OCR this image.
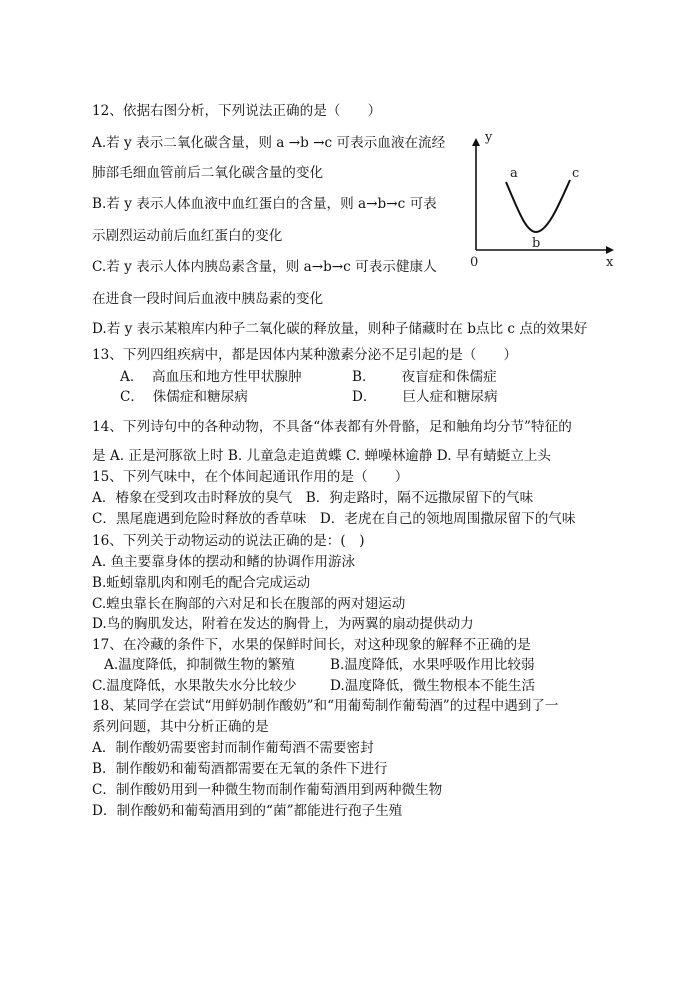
12、依据右图分析，下列说法正确的是（　　）
A.若 y 表示二氧化碳含量，则 a →b →c 可表示血液在流经
肺部毛细血管前后二氧化碳含量的变化
B.若 y 表示人体血液中血红蛋白的含量，则 a→b→c 可表
示剧烈运动前后血红蛋白的变化
C.若 y 表示人体内胰岛素含量，则 a→b→c 可表示健康人
在进食一段时间后血液中胰岛素的变化
D.若 y 表示某粮库内种子二氧化碳的释放量，则种子储藏时在 b点比 c 点的效果好
y
x
0
a
b
c
13、下列四组疾病中，都是因体内某种激素分泌不足引起的是（　　）
A．  高血压和地方性甲状腺肿	B．      夜盲症和侏儒症
C．  侏儒症和糖尿病	D．      巨人症和糖尿病
14、下列诗句中的各种动物，不具备“体表都有外骨骼，足和触角均分节”特征的
是 A. 正是河豚欲上时 B. 儿童急走追黄蝶 C. 蝉噪林逾静 D. 早有蜻蜓立上头
15、下列气味中，在个体间起通讯作用的是（　　）
A．椿象在受到攻击时释放的臭气　B．狗走路时，隔不远撒尿留下的气味
C．黑尾鹿遇到危险时释放的香草味　D．老虎在自己的领地周围撒尿留下的气味
16、下列关于动物运动的说法正确的是：(　)
A. 鱼主要靠身体的摆动和鳍的协调作用游泳
B.蚯蚓靠肌肉和刚毛的配合完成运动
C.蝗虫靠长在胸部的六对足和长在腹部的两对翅运动
D.鸟的胸肌发达，附着在发达的胸骨上，为两翼的扇动提供动力
17、在冷藏的条件下，水果的保鲜时间长，对这种现象的解释不正确的是
A.温度降低，抑制微生物的繁殖	B.温度降低，水果呼吸作用比较弱
C.温度降低，水果散失水分比较少 D.温度降低，微生物根本不能生活
18、某同学在尝试“用鲜奶制作酸奶”和“用葡萄制作葡萄酒”的过程中遇到了一
系列问题，其中分析正确的是
A．制作酸奶需要密封而制作葡萄酒不需要密封
B．制作酸奶和葡萄酒都需要在无氧的条件下进行
C．制作酸奶用到一种微生物而制作葡萄酒用到两种微生物
D．制作酸奶和葡萄酒用到的“菌”都能进行孢子生殖
